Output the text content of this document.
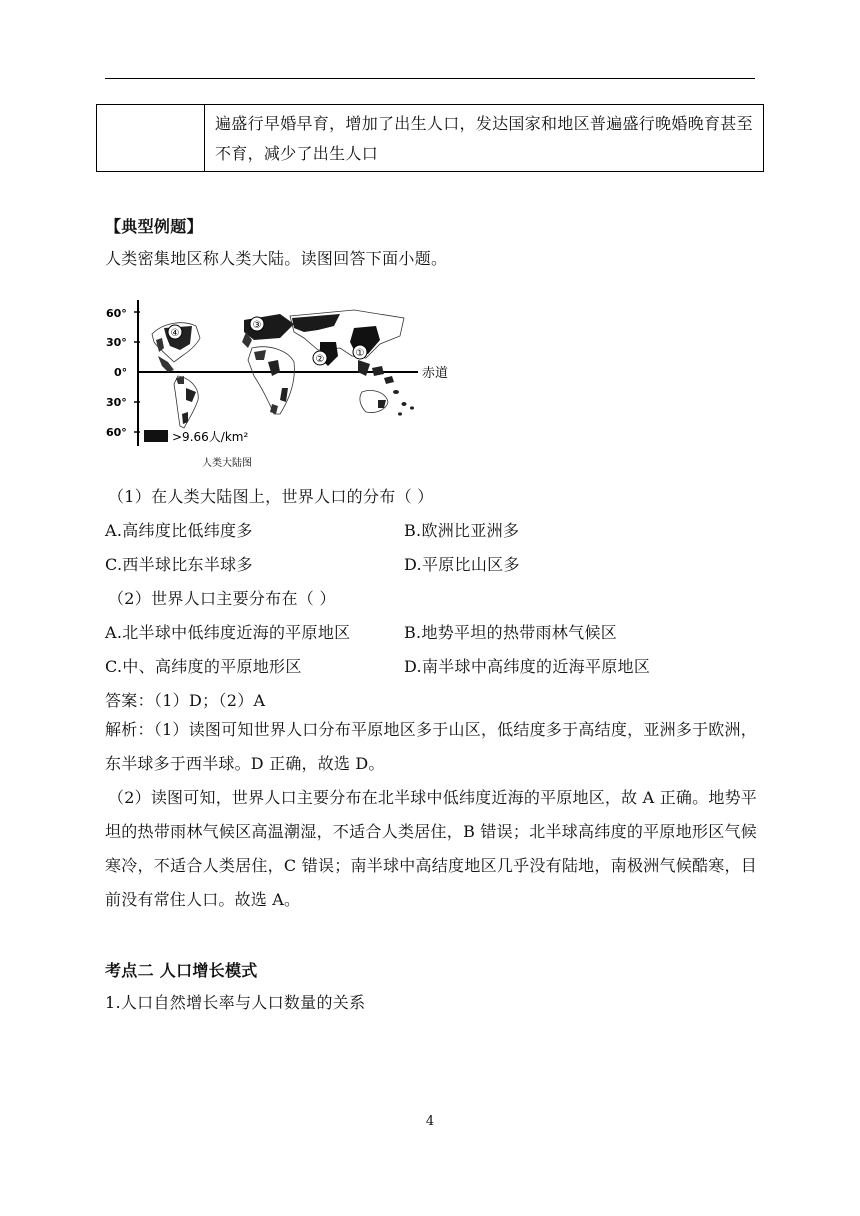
遍盛行早婚早育，增加了出生人口，发达国家和地区普遍盛行晚婚晚育甚至不育，减少了出生人口
【典型例题】
人类密集地区称人类大陆。读图回答下面小题。
60°
30°
0°
30°
60°
赤道
④
③
②
①
>9.66人/km²
人类大陆图
（1）在人类大陆图上，世界人口的分布（ ）
A.高纬度比低纬度多	B.欧洲比亚洲多
C.西半球比东半球多	D.平原比山区多
（2）世界人口主要分布在（ ）
A.北半球中低纬度近海的平原地区	B.地势平坦的热带雨林气候区
C.中、高纬度的平原地形区	D.南半球中高纬度的近海平原地区
答案：（1）D；（2）A
解析：（1）读图可知世界人口分布平原地区多于山区，低结度多于高结度，亚洲多于欧洲，东半球多于西半球。D 正确，故选 D。
（2）读图可知，世界人口主要分布在北半球中低纬度近海的平原地区，故 A 正确。地势平坦的热带雨林气候区高温潮湿，不适合人类居住，B 错误；北半球高纬度的平原地形区气候寒冷，不适合人类居住，C 错误；南半球中高结度地区几乎没有陆地，南极洲气候酷寒，目前没有常住人口。故选 A。
考点二 人口增长模式
1.人口自然增长率与人口数量的关系
4
